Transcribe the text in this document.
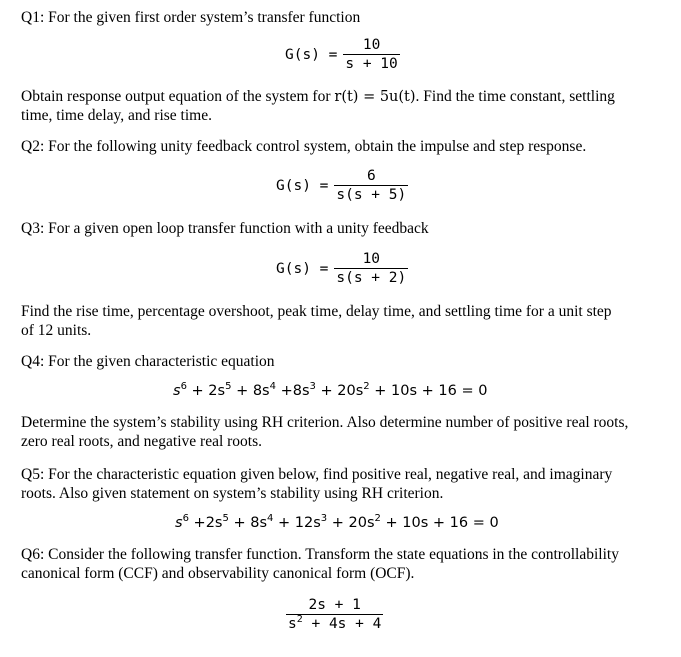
Q1: For the given first order system’s transfer function
$G(s) = \frac{10}{s + 10}$
Obtain response output equation of the system for r(t) = 5u(t). Find the time constant, settling
time, time delay, and rise time.
Q2: For the following unity feedback control system, obtain the impulse and step response.
$G(s) = \frac{6}{s(s + 5)}$
Q3: For a given open loop transfer function with a unity feedback
$G(s) = \frac{10}{s(s + 2)}$
Find the rise time, percentage overshoot, peak time, delay time, and settling time for a unit step
of 12 units.
Q4: For the given characteristic equation
$s^6 + 2s^5 + 8s^4 +8s^3 + 20s^2 + 10s + 16 = 0$
Determine the system’s stability using RH criterion. Also determine number of positive real roots,
zero real roots, and negative real roots.
Q5: For the characteristic equation given below, find positive real, negative real, and imaginary
roots. Also given statement on system’s stability using RH criterion.
$s^6 +2s^5 + 8s^4 + 12s^3 + 20s^2 + 10s + 16 = 0$
Q6: Consider the following transfer function. Transform the state equations in the controllability
canonical form (CCF) and observability canonical form (OCF).
$\frac{2s + 1}{s^2 + 4s + 4}$
